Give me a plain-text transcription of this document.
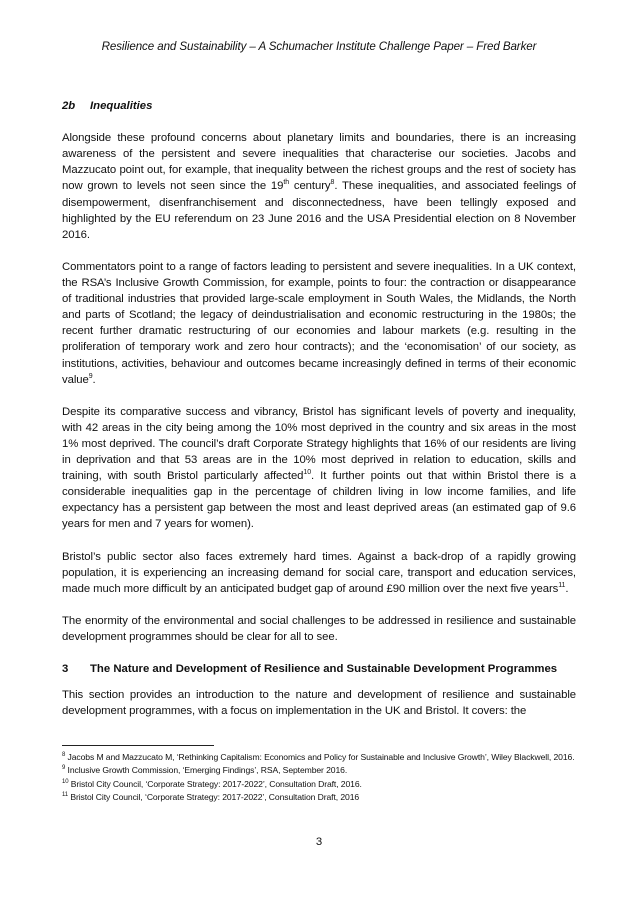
Resilience and Sustainability – A Schumacher Institute Challenge Paper – Fred Barker
2b	Inequalities

Alongside these profound concerns about planetary limits and boundaries, there is an increasing awareness of the persistent and severe inequalities that characterise our societies. Jacobs and Mazzucato point out, for example, that inequality between the richest groups and the rest of society has now grown to levels not seen since the 19th century$^8$. These inequalities, and associated feelings of disempowerment, disenfranchisement and disconnectedness, have been tellingly exposed and highlighted by the EU referendum on 23 June 2016 and the USA Presidential election on 8 November 2016.

Commentators point to a range of factors leading to persistent and severe inequalities. In a UK context, the RSA’s Inclusive Growth Commission, for example, points to four: the contraction or disappearance of traditional industries that provided large-scale employment in South Wales, the Midlands, the North and parts of Scotland; the legacy of deindustrialisation and economic restructuring in the 1980s; the recent further dramatic restructuring of our economies and labour markets (e.g. resulting in the proliferation of temporary work and zero hour contracts); and the ‘economisation’ of our society, as institutions, activities, behaviour and outcomes became increasingly defined in terms of their economic value$^9$.

Despite its comparative success and vibrancy, Bristol has significant levels of poverty and inequality, with 42 areas in the city being among the 10% most deprived in the country and six areas in the most 1% most deprived. The council’s draft Corporate Strategy highlights that 16% of our residents are living in deprivation and that 53 areas are in the 10% most deprived in relation to education, skills and training, with south Bristol particularly affected$^{10}$. It further points out that within Bristol there is a considerable inequalities gap in the percentage of children living in low income families, and life expectancy has a persistent gap between the most and least deprived areas (an estimated gap of 9.6 years for men and 7 years for women).

Bristol’s public sector also faces extremely hard times. Against a back-drop of a rapidly growing population, it is experiencing an increasing demand for social care, transport and education services, made much more difficult by an anticipated budget gap of around £90 million over the next five years$^{11}$.

The enormity of the environmental and social challenges to be addressed in resilience and sustainable development programmes should be clear for all to see.

3	The Nature and Development of Resilience and Sustainable Development Programmes

This section provides an introduction to the nature and development of resilience and sustainable development programmes, with a focus on implementation in the UK and Bristol. It covers: the

$^8$ Jacobs M and Mazzucato M, ‘Rethinking Capitalism: Economics and Policy for Sustainable and Inclusive Growth’, Wiley Blackwell, 2016.

$^9$ Inclusive Growth Commission, ‘Emerging Findings’, RSA, September 2016.

$^{10}$ Bristol City Council, ‘Corporate Strategy: 2017-2022’, Consultation Draft, 2016.

$^{11}$ Bristol City Council, ‘Corporate Strategy: 2017-2022’, Consultation Draft, 2016

3
